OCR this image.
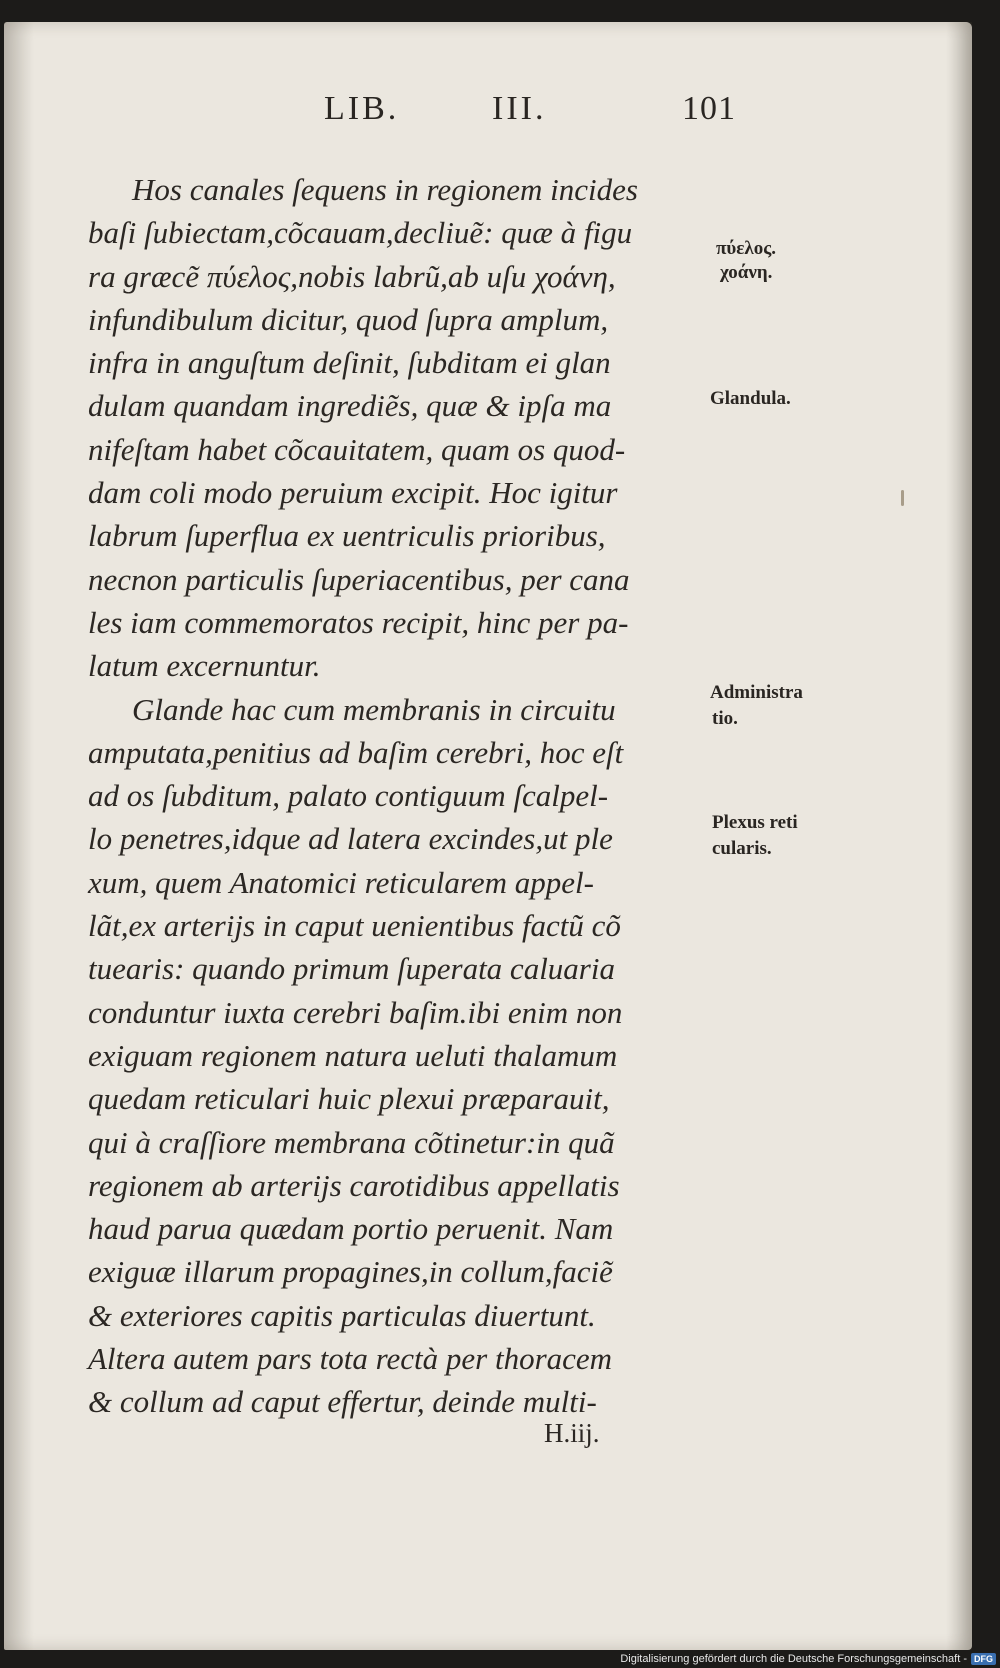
LIB.	III.	101
Hos canales ſequens in regionem incides
baſi ſubiectam,cõcauam,decliuẽ: quæ à figu
ra græcẽ πύελος,nobis labrũ,ab uſu χοάνη,
infundibulum dicitur, quod ſupra amplum,
infra in anguſtum deſinit, ſubditam ei glan
dulam quandam ingrediẽs, quæ & ipſa ma
nifeſtam habet cõcauitatem, quam os quod-
dam coli modo peruium excipit. Hoc igitur
labrum ſuperflua ex uentriculis prioribus,
necnon particulis ſuperiacentibus, per cana
les iam commemoratos recipit, hinc per pa-
latum excernuntur.
Glande hac cum membranis in circuitu
amputata,penitius ad baſim cerebri, hoc eſt
ad os ſubditum, palato contiguum ſcalpel-
lo penetres,idque ad latera excindes,ut ple
xum, quem Anatomici reticularem appel-
lãt,ex arterijs in caput uenientibus factũ cõ
tuearis: quando primum ſuperata caluaria
conduntur iuxta cerebri baſim.ibi enim non
exiguam regionem natura ueluti thalamum
quedam reticulari huic plexui præparauit,
qui à craſſiore membrana cõtinetur:in quã
regionem ab arterijs carotidibus appellatis
haud parua quædam portio peruenit. Nam
exiguæ illarum propagines,in collum,faciẽ
& exteriores capitis particulas diuertunt.
Altera autem pars tota rectà per thoracem
& collum ad caput effertur, deinde multi-
πύελος.
χοάνη.
Glandula.
Administra
tio.
Plexus reti
cularis.
H.iij.
Digitalisierung gefördert durch die Deutsche Forschungsgemeinschaft - DFG
